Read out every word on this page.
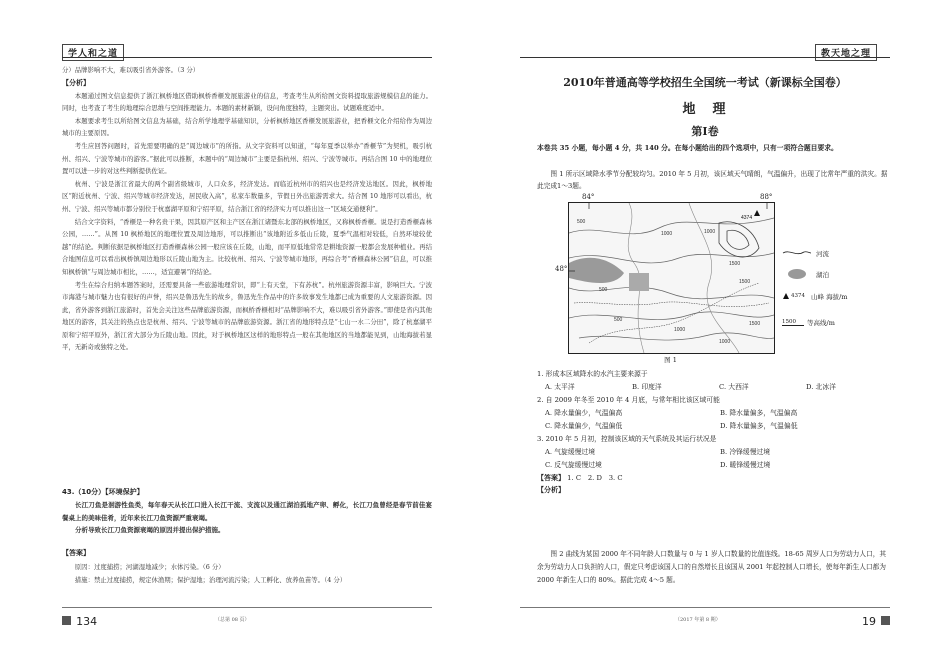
学人和之道

分）品牌影响不大，难以吸引省外游客。（3 分）

【分析】

本题通过图文信息提供了浙江枫桥地区借助枫桥香榧发展旅游业的信息，考查考生从所给图文资料提取旅游规模信息的能力。同时，也考查了考生的地理综合思维与空间推理能力。本题的素材新颖，设问角度独特，主题突出。试题难度适中。

本题要求考生以所给图文信息为基础，结合所学地理学基础知识，分析枫桥地区香榧发展旅游业，把香榧文化介绍给作为周边城市的主要原因。

考生应回答问题时，首先需要明确的是“周边城市”的所指。从文字资料可以知道，“每年夏季以举办“香榧节”为契机，吸引杭州、绍兴、宁波等城市的游客。”据此可以推断，本题中的“周边城市”主要是指杭州、绍兴、宁波等城市。再结合图 10 中的地理位置可以进一步的对这些判断提供佐证。

杭州、宁波是浙江省最大的两个副省级城市，人口众多，经济发达。而临近杭州市的绍兴也是经济发达地区。因此，枫桥地区“附近杭州、宁波、绍兴等城市经济发达，居民收入高”，私家车数量多，节假日外出旅游需求大。结合图 10 地形可以看出，杭州、宁波、绍兴等城市都分别位于杭嘉湖平原和宁绍平原，结合浙江省的经济实力可以推出这一“区域交通便利”。

结合文字资料，“香榧是一种名贵干果，因其原产区和主产区在浙江诸暨东北部的枫桥地区，又称枫桥香榧。说是打造香榧森林公园，……”。从图 10 枫桥地区的地理位置及周边地形，可以推断出“该地附近多低山丘陵，夏季气温相对较低，自然环境较优越”的结论。判断依据是枫桥地区打造香榧森林公园一般应该在丘陵，山地，而平原低地常常是耕地资源一般都会发展种植业。再结合地图信息可以看出枫桥镇周边地形以丘陵山地为主。比较杭州、绍兴、宁波等城市地形，再综合考“香榧森林公园”信息，可以推知枫桥镇“与周边城市相比，……，适宜避暑”的结论。

考生在综合归纳本题答案时，还需要具备一些旅游地理常识，即“上有天堂，下有苏杭”。杭州旅游资源丰富，影响巨大。宁波市海港与城市魅力也有很好的声誉，绍兴是鲁迅先生的故乡，鲁迅先生作品中的许多故事发生地都已成为重要的人文旅游资源。因此，省外游客到浙江旅游时，首先会关注这些品牌旅游资源，而枫桥香榧相对“品牌影响不大，难以吸引省外游客。”即使是省内其他地区的游客，其关注的热点也是杭州、绍兴、宁波等城市的品牌旅游资源。浙江省的地形特点是“七山一水二分田”，除了杭嘉湖平原和宁绍平原外，浙江省大部分为丘陵山地。因此，对于枫桥地区这样的地形特点一般在其他地区的当地都能见到，山地海拔若显平，无新奇或独特之处。

43.（10分）【环境保护】

长江刀鱼是洄游性鱼类，每年春天从长江口进入长江干流、支流以及通江湖泊孤地产卵、孵化，长江刀鱼曾经是春节前佳宴餐桌上的美味佳肴，近年来长江刀鱼资源严重衰竭。

分析导致长江刀鱼资源衰竭的原因并提出保护措施。

【答案】

原因：过度捕捞；河湖湿地减少；水体污染。（6 分）

措施：禁止过度捕捞，规定休渔期；保护湿地；治理河流污染；人工孵化、放养鱼苗等。（4 分）

134	（总第 08 页）
教天地之理
2010年普通高等学校招生全国统一考试（新课标全国卷）
地　理
第Ⅰ卷
本卷共 35 小题，每小题 4 分，共 140 分。在每小题给出的四个选项中，只有一项符合题目要求。
图 1 所示区域降水季节分配较均匀。2010 年 5 月初，该区域天气晴朗，气温偏升，出现了比常年严重的洪灾。据此完成1～3题。
500
1000
1500
1000
500
1500
500
1000
1000
1500
4374
84°	88°
48°
图 1
河流
湖泊
4374 山峰 海拔/m
1500	等高线/m
1. 形成本区域降水的水汽主要来源于
A. 太平洋	B. 印度洋	C. 大西洋	D. 北冰洋
2. 自 2009 年冬至 2010 年 4 月底，与常年相比该区域可能
A. 降水量偏少，气温偏高	B. 降水量偏多，气温偏高
C. 降水量偏少，气温偏低	D. 降水量偏多，气温偏低
3. 2010 年 5 月初，控制该区域的天气系统及其运行状况是
A. 气旋缓慢过境	B. 冷锋缓慢过境
C. 反气旋缓慢过境	D. 暖锋缓慢过境
【答案】 1. C　2. D　3. C
【分析】
图 2 曲线为某国 2000 年不同年龄人口数量与 0 与 1 岁人口数量的比值连线。18-65 周岁人口为劳动力人口，其余为劳动力人口负担的人口，假定只考虑该国人口的自然增长且该国从 2001 年起控制人口增长，使每年新生人口都为 2000 年新生人口的 80%。据此完成 4～5 题。
19
（2017 年第 8 期）
